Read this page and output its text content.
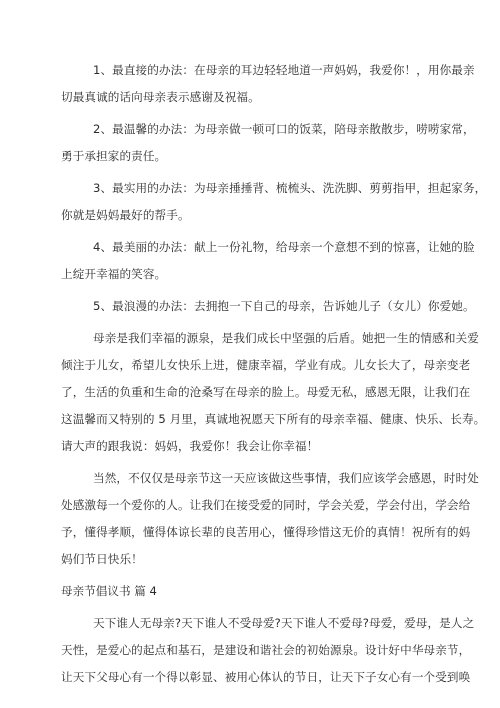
1、最直接的办法：在母亲的耳边轻轻地道一声妈妈，我爱你！，用你最亲

切最真诚的话向母亲表示感谢及祝福。

2、最温馨的办法：为母亲做一顿可口的饭菜，陪母亲散散步，唠唠家常，

勇于承担家的责任。

3、最实用的办法：为母亲捶捶背、梳梳头、洗洗脚、剪剪指甲，担起家务，

你就是妈妈最好的帮手。

4、最美丽的办法：献上一份礼物，给母亲一个意想不到的惊喜，让她的脸

上绽开幸福的笑容。

5、最浪漫的办法：去拥抱一下自己的母亲，告诉她儿子（女儿）你爱她。

母亲是我们幸福的源泉，是我们成长中坚强的后盾。她把一生的情感和关爱

倾注于儿女，希望儿女快乐上进，健康幸福，学业有成。儿女长大了，母亲变老

了，生活的负重和生命的沧桑写在母亲的脸上。母爱无私，感恩无限，让我们在

这温馨而又特别的 5 月里，真诚地祝愿天下所有的母亲幸福、健康、快乐、长寿。

请大声的跟我说：妈妈，我爱你！我会让你幸福！

当然，不仅仅是母亲节这一天应该做这些事情，我们应该学会感恩，时时处

处感激每一个爱你的人。让我们在接受爱的同时，学会关爱，学会付出，学会给

予，懂得孝顺，懂得体谅长辈的良苦用心，懂得珍惜这无价的真情！祝所有的妈

妈们节日快乐！

母亲节倡议书 篇 4

天下谁人无母亲?天下谁人不受母爱?天下谁人不爱母?母爱，爱母，是人之

天性，是爱心的起点和基石，是建设和谐社会的初始源泉。设计好中华母亲节，

让天下父母心有一个得以彰显、被用心体认的节日，让天下子女心有一个受到唤
